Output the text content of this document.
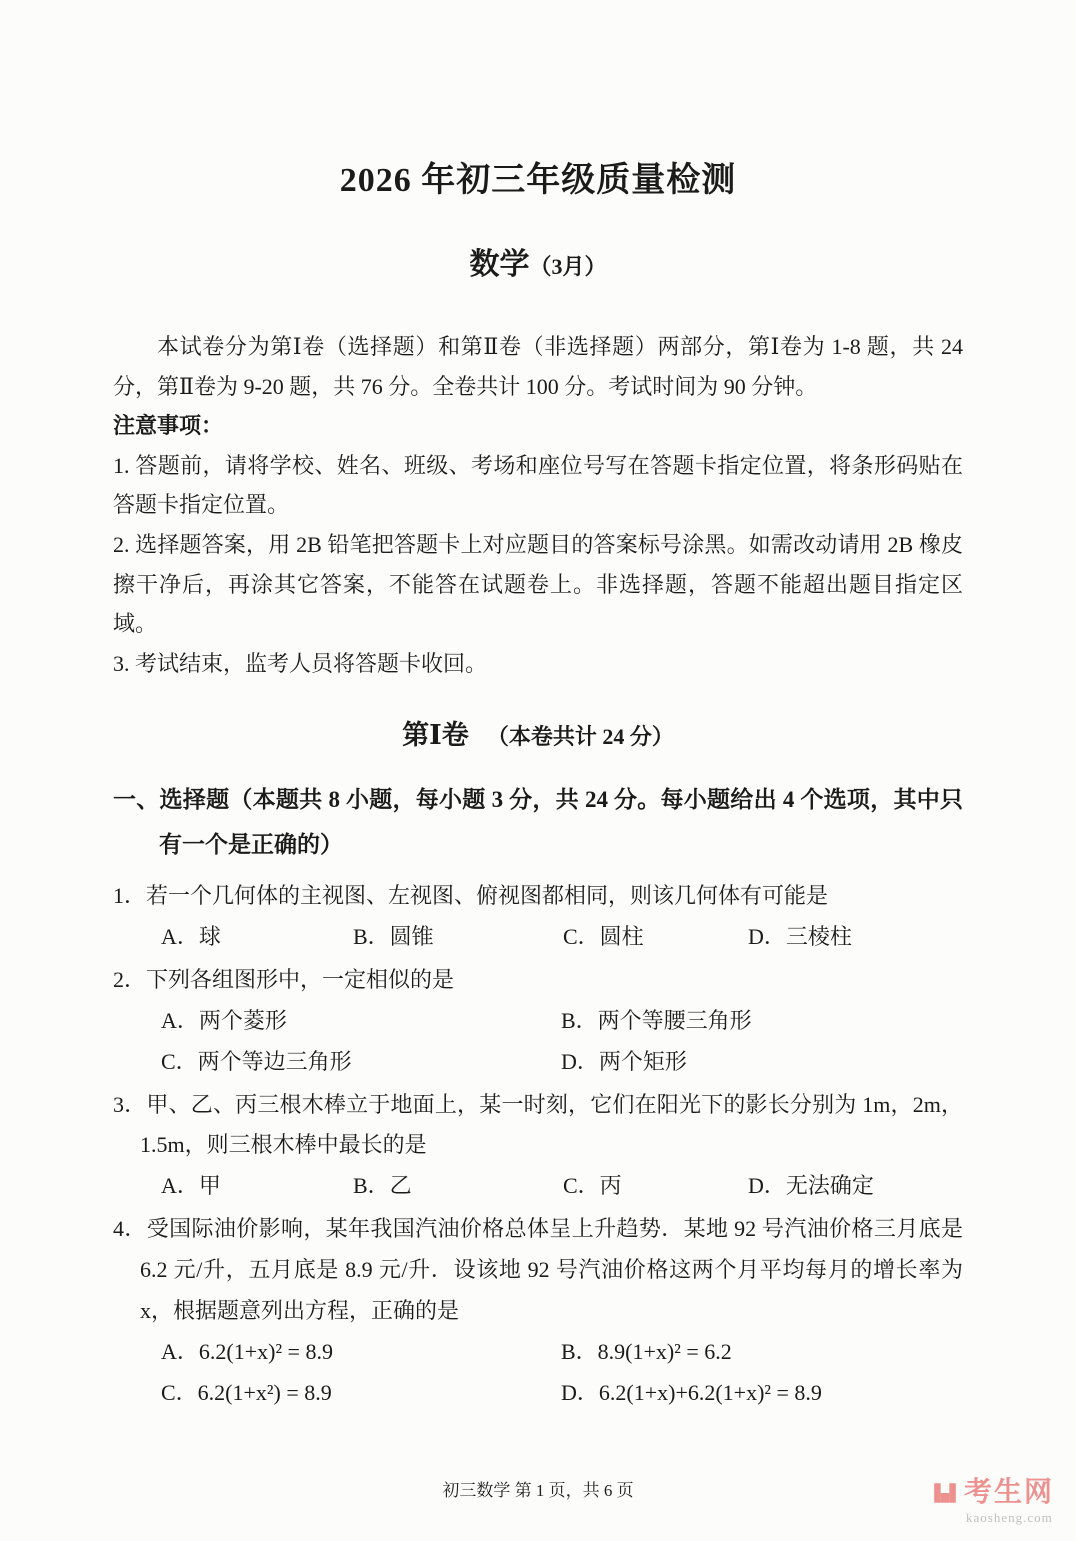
2026 年初三年级质量检测
数学（3月）

本试卷分为第Ⅰ卷（选择题）和第Ⅱ卷（非选择题）两部分，第Ⅰ卷为 1-8 题，共 24 分，第Ⅱ卷为 9-20 题，共 76 分。全卷共计 100 分。考试时间为 90 分钟。

注意事项：

1. 答题前，请将学校、姓名、班级、考场和座位号写在答题卡指定位置，将条形码贴在答题卡指定位置。

2. 选择题答案，用 2B 铅笔把答题卡上对应题目的答案标号涂黑。如需改动请用 2B 橡皮擦干净后，再涂其它答案，不能答在试题卷上。非选择题，答题不能超出题目指定区域。

3. 考试结束，监考人员将答题卡收回。

第Ⅰ卷 （本卷共计 24 分）

一、选择题（本题共 8 小题，每小题 3 分，共 24 分。每小题给出 4 个选项，其中只有一个是正确的）

1．若一个几何体的主视图、左视图、俯视图都相同，则该几何体有可能是

A．球	B．圆锥	C．圆柱	D．三棱柱

2．下列各组图形中，一定相似的是

A．两个菱形	B．两个等腰三角形
C．两个等边三角形	D．两个矩形

3．甲、乙、丙三根木棒立于地面上，某一时刻，它们在阳光下的影长分别为 1m，2m，1.5m，则三根木棒中最长的是

A．甲	B．乙	C．丙	D．无法确定

4．受国际油价影响，某年我国汽油价格总体呈上升趋势．某地 92 号汽油价格三月底是 6.2 元/升，五月底是 8.9 元/升．设该地 92 号汽油价格这两个月平均每月的增长率为 x，根据题意列出方程，正确的是

A．6.2(1+x)² = 8.9	B．8.9(1+x)² = 6.2
C．6.2(1+x²) = 8.9	D．6.2(1+x)+6.2(1+x)² = 8.9

初三数学 第 1 页，共 6 页	考生网
kaosheng.com
